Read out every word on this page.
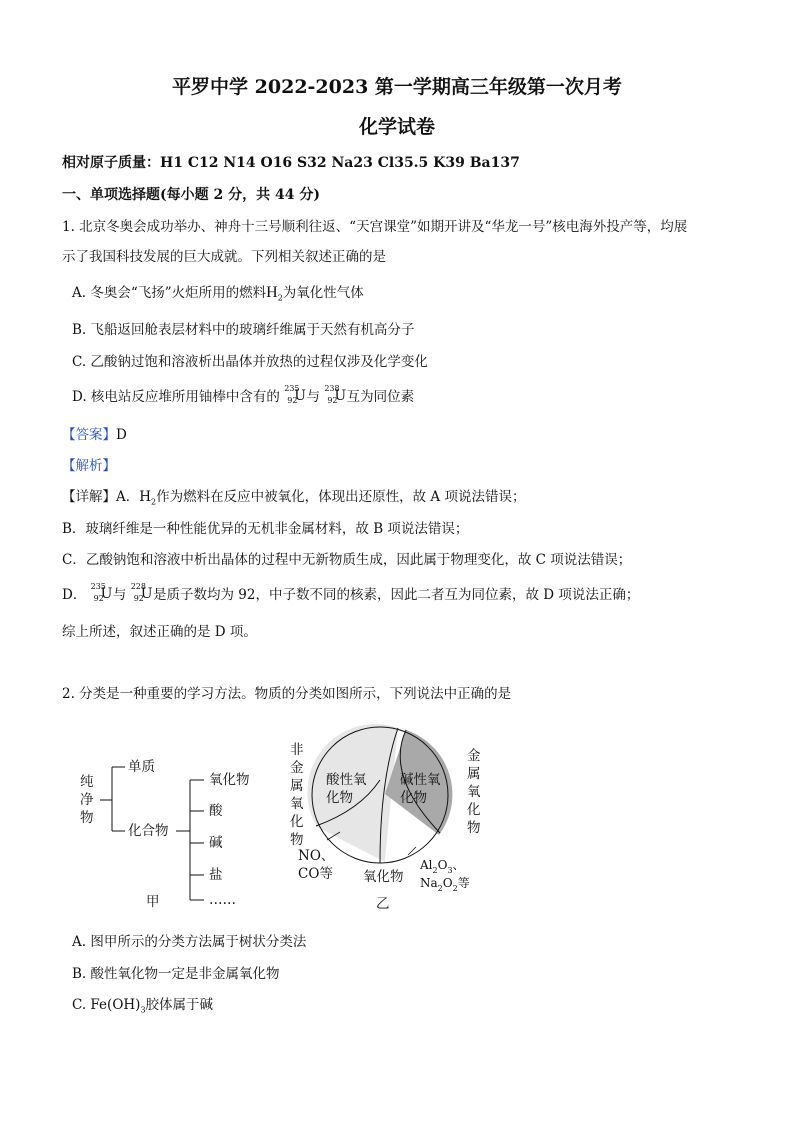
平罗中学 2022-2023 第一学期高三年级第一次月考
化学试卷
相对原子质量：H1 C12 N14 O16 S32 Na23 Cl35.5 K39 Ba137
一、单项选择题(每小题 2 分，共 44 分)
1. 北京冬奥会成功举办、神舟十三号顺利往返、“天宫课堂”如期开讲及“华龙一号”核电海外投产等，均展
示了我国科技发展的巨大成就。下列相关叙述正确的是
A. 冬奥会“飞扬”火炬所用的燃料$H_2$为氧化性气体
B. 飞船返回舱表层材料中的玻璃纤维属于天然有机高分子
C. 乙酸钠过饱和溶液析出晶体并放热的过程仅涉及化学变化
D. 核电站反应堆所用铀棒中含有的
235
92
U 与
238
92
U 互为同位素
【答案】D
【解析】
【详解】A．$H_2$作为燃料在反应中被氧化，体现出还原性，故 A 项说法错误；
B．玻璃纤维是一种性能优异的无机非金属材料，故 B 项说法错误；
C．乙酸钠饱和溶液中析出晶体的过程中无新物质生成，因此属于物理变化，故 C 项说法错误；
D．
235
92
U 与
228
92
U 是质子数均为 92，中子数不同的核素，因此二者互为同位素，故 D 项说法正确；
综上所述，叙述正确的是 D 项。
2. 分类是一种重要的学习方法。物质的分类如图所示，下列说法中正确的是
纯
净
物
单质
化合物
氧化物
酸
碱
盐
……
甲
非
金
属
氧
化
物
金
属
氧
化
物
酸性氧
化物
碱性氧
化物
NO、
CO等 氧化物
$Al_2O_3$、
$Na_2O_2$等
乙
A. 图甲所示的分类方法属于树状分类法
B. 酸性氧化物一定是非金属氧化物
C. $Fe(OH)_3$胶体属于碱
